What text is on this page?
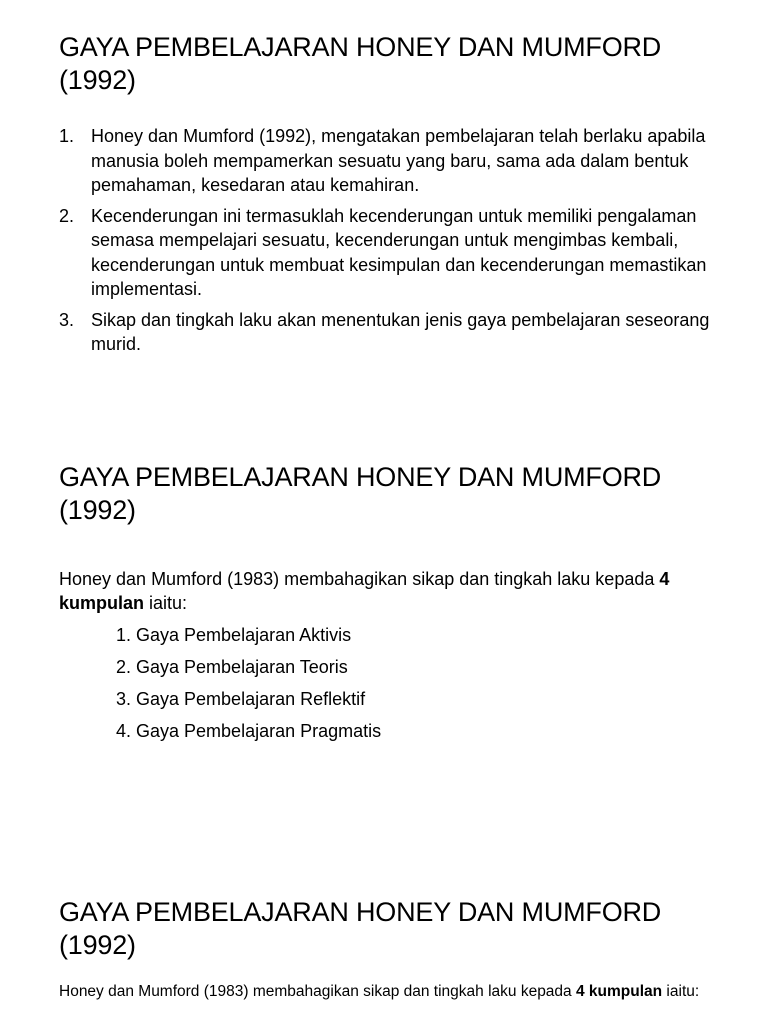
GAYA PEMBELAJARAN HONEY DAN MUMFORD
(1992)
1. Honey dan Mumford (1992), mengatakan pembelajaran telah berlaku apabila manusia boleh mempamerkan sesuatu yang baru, sama ada dalam bentuk pemahaman, kesedaran atau kemahiran.
2. Kecenderungan ini termasuklah kecenderungan untuk memiliki pengalaman semasa mempelajari sesuatu, kecenderungan untuk mengimbas kembali, kecenderungan untuk membuat kesimpulan dan kecenderungan memastikan implementasi.
3. Sikap dan tingkah laku akan menentukan jenis gaya pembelajaran seseorang murid.
GAYA PEMBELAJARAN HONEY DAN MUMFORD
(1992)

Honey dan Mumford (1983) membahagikan sikap dan tingkah laku kepada 4 kumpulan iaitu:

1. Gaya Pembelajaran Aktivis
2. Gaya Pembelajaran Teoris
3. Gaya Pembelajaran Reflektif
4. Gaya Pembelajaran Pragmatis
GAYA PEMBELAJARAN HONEY DAN MUMFORD
(1992)

Honey dan Mumford (1983) membahagikan sikap dan tingkah laku kepada 4 kumpulan iaitu:
